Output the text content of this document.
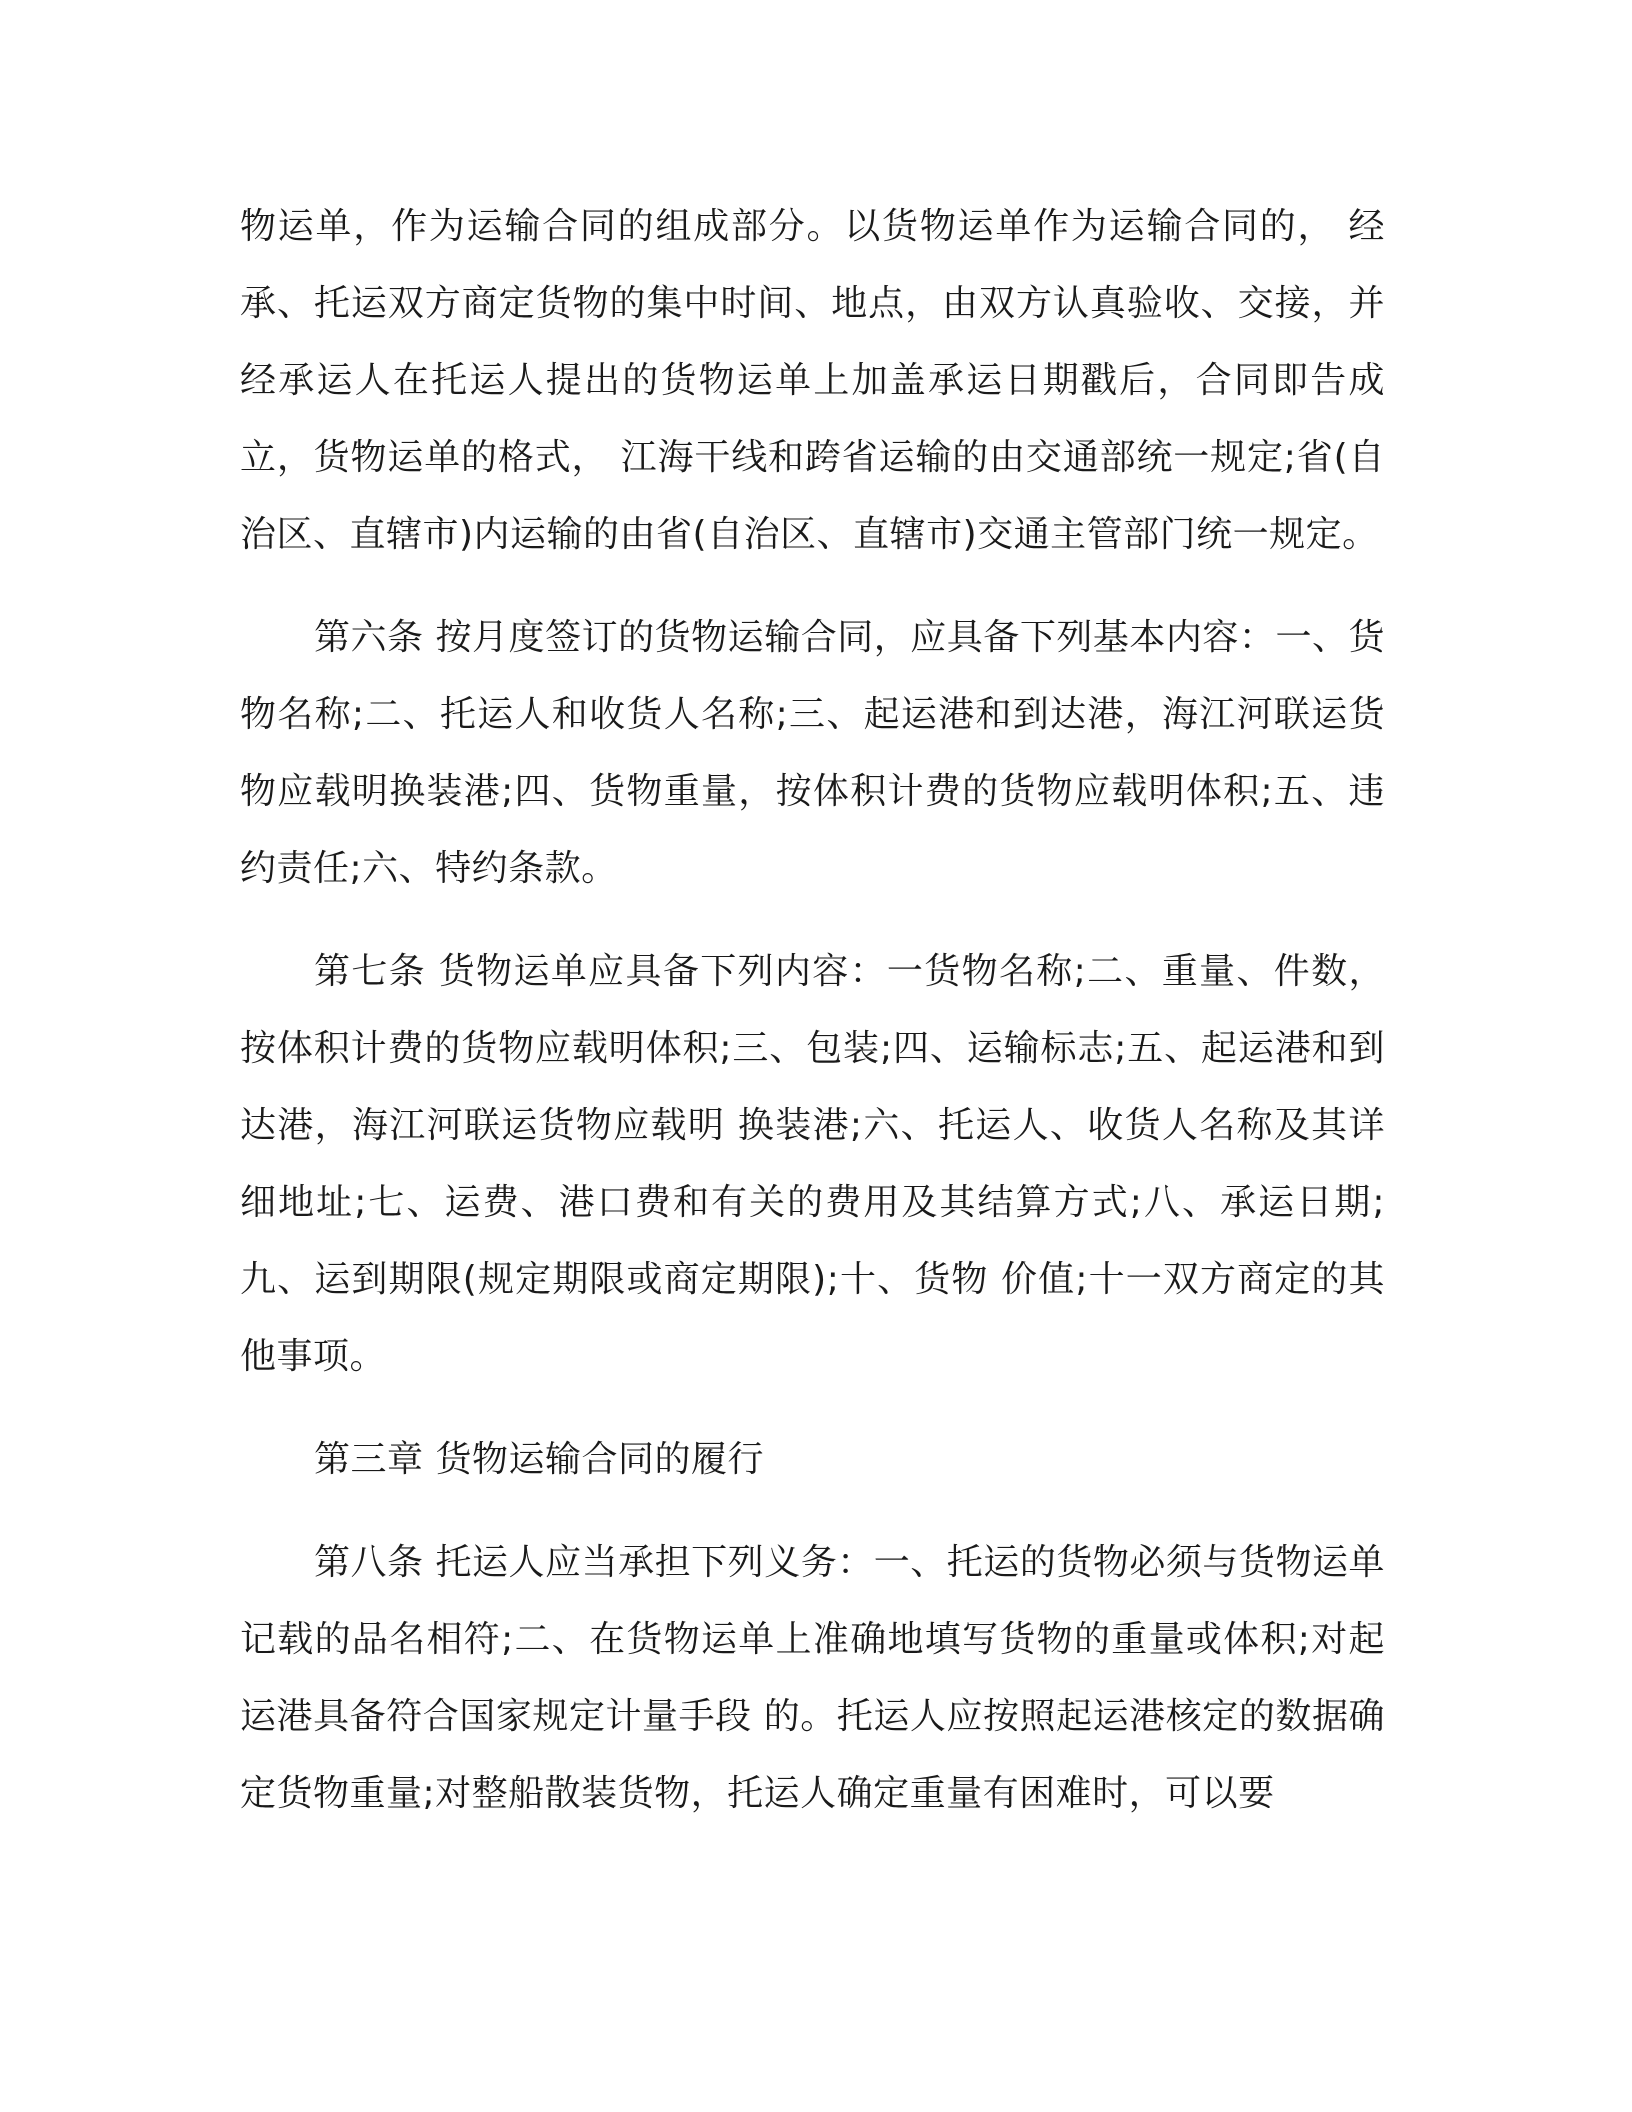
物运单，作为运输合同的组成部分。以货物运单作为运输合同的， 经承、托运双方商定货物的集中时间、地点，由双方认真验收、交接，并经承运人在托运人提出的货物运单上加盖承运日期戳后，合同即告成立，货物运单的格式， 江海干线和跨省运输的由交通部统一规定;省(自治区、直辖市)内运输的由省(自治区、直辖市)交通主管部门统一规定。

第六条 按月度签订的货物运输合同，应具备下列基本内容：一、货物名称;二、托运人和收货人名称;三、起运港和到达港，海江河联运货物应载明换装港;四、货物重量，按体积计费的货物应载明体积;五、违约责任;六、特约条款。

第七条 货物运单应具备下列内容：一货物名称;二、重量、件数，按体积计费的货物应载明体积;三、包装;四、运输标志;五、起运港和到达港，海江河联运货物应载明 换装港;六、托运人、收货人名称及其详细地址;七、运费、港口费和有关的费用及其结算方式;八、承运日期;九、运到期限(规定期限或商定期限);十、货物 价值;十一双方商定的其他事项。

第三章 货物运输合同的履行

第八条 托运人应当承担下列义务：一、托运的货物必须与货物运单记载的品名相符;二、在货物运单上准确地填写货物的重量或体积;对起运港具备符合国家规定计量手段 的。托运人应按照起运港核定的数据确定货物重量;对整船散装货物，托运人确定重量有困难时，可以要
